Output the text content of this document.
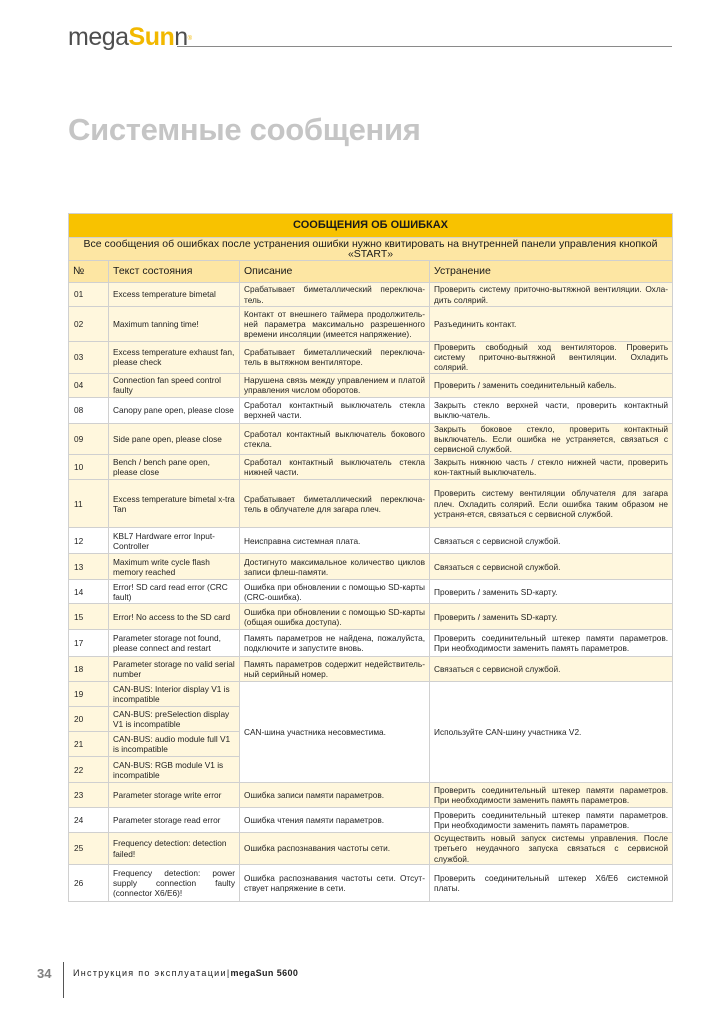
megaSunn®
Системные сообщения
СООБЩЕНИЯ ОБ ОШИБКАХ			
Все сообщения об ошибках после устранения ошибки нужно квитировать на внутренней панели управления кнопкой «START»			
№	Текст состояния	Описание	Устранение
01	Excess temperature bimetal	Срабатывает биметаллический переключа-тель.	Проверить систему приточно-вытяжной вентиляции. Охла-дить солярий.
02	Maximum tanning time!	Контакт от внешнего таймера продолжитель-ней параметра максимально разрешенного времени инсоляции (имеется напряжение).	Разъединить контакт.
03	Excess temperature exhaust fan, please check	Срабатывает биметаллический переключа-тель в вытяжном вентиляторе.	Проверить свободный ход вентиляторов. Проверить систему приточно-вытяжной вентиляции. Охладить солярий.
04	Connection fan speed control faulty	Нарушена связь между управлением и платой управления числом оборотов.	Проверить / заменить соединительный кабель.
08	Canopy pane open, please close	Сработал контактный выключатель стекла верхней части.	Закрыть стекло верхней части, проверить контактный выклю-чатель.
09	Side pane open, please close	Сработал контактный выключатель бокового стекла.	Закрыть боковое стекло, проверить контактный выключатель. Если ошибка не устраняется, связаться с сервисной службой.
10	Bench / bench pane open, please close	Сработал контактный выключатель стекла нижней части.	Закрыть нижнюю часть / стекло нижней части, проверить кон-тактный выключатель.
11	Excess temperature bimetal x-tra Tan	Срабатывает биметаллический переключа-тель в облучателе для загара плеч.	Проверить систему вентиляции облучателя для загара плеч. Охладить солярий. Если ошибка таким образом не устраня-ется, связаться с сервисной службой.
12	KBL7 Hardware error Input-Controller	Неисправна системная плата.	Связаться с сервисной службой.
13	Maximum write cycle flash memory reached	Достигнуто максимальное количество циклов записи флеш-памяти.	Связаться с сервисной службой.
14	Error! SD card read error (CRC fault)	Ошибка при обновлении с помощью SD-карты (CRC-ошибка).	Проверить / заменить SD-карту.
15	Error! No access to the SD card	Ошибка при обновлении с помощью SD-карты (общая ошибка доступа).	Проверить / заменить SD-карту.
17	Parameter storage not found, please connect and restart	Память параметров не найдена, пожалуйста, подключите и запустите вновь.	Проверить соединительный штекер памяти параметров. При необходимости заменить память параметров.
18	Parameter storage no valid serial number	Память параметров содержит недействитель-ный серийный номер.	Связаться с сервисной службой.
19	CAN-BUS: Interior display V1 is incompatible	CAN-шина участника несовместима.	Используйте CAN-шину участника V2.
20	CAN-BUS: preSelection display V1 is incompatible		
21	CAN-BUS: audio module full V1 is incompatible		
22	CAN-BUS: RGB module V1 is incompatible		
23	Parameter storage write error	Ошибка записи памяти параметров.	Проверить соединительный штекер памяти параметров. При необходимости заменить память параметров.
24	Parameter storage read error	Ошибка чтения памяти параметров.	Проверить соединительный штекер памяти параметров. При необходимости заменить память параметров.
25	Frequency detection: detection failed!	Ошибка распознавания частоты сети.	Осуществить новый запуск системы управления. После третьего неудачного запуска связаться с сервисной службой.
26	Frequency detection: power supply connection faulty (connector X6/E6)!	Ошибка распознавания частоты сети. Отсут-ствует напряжение в сети.	Проверить соединительный штекер X6/E6 системной платы.
34 Инструкция по эксплуатации|megaSun 5600
